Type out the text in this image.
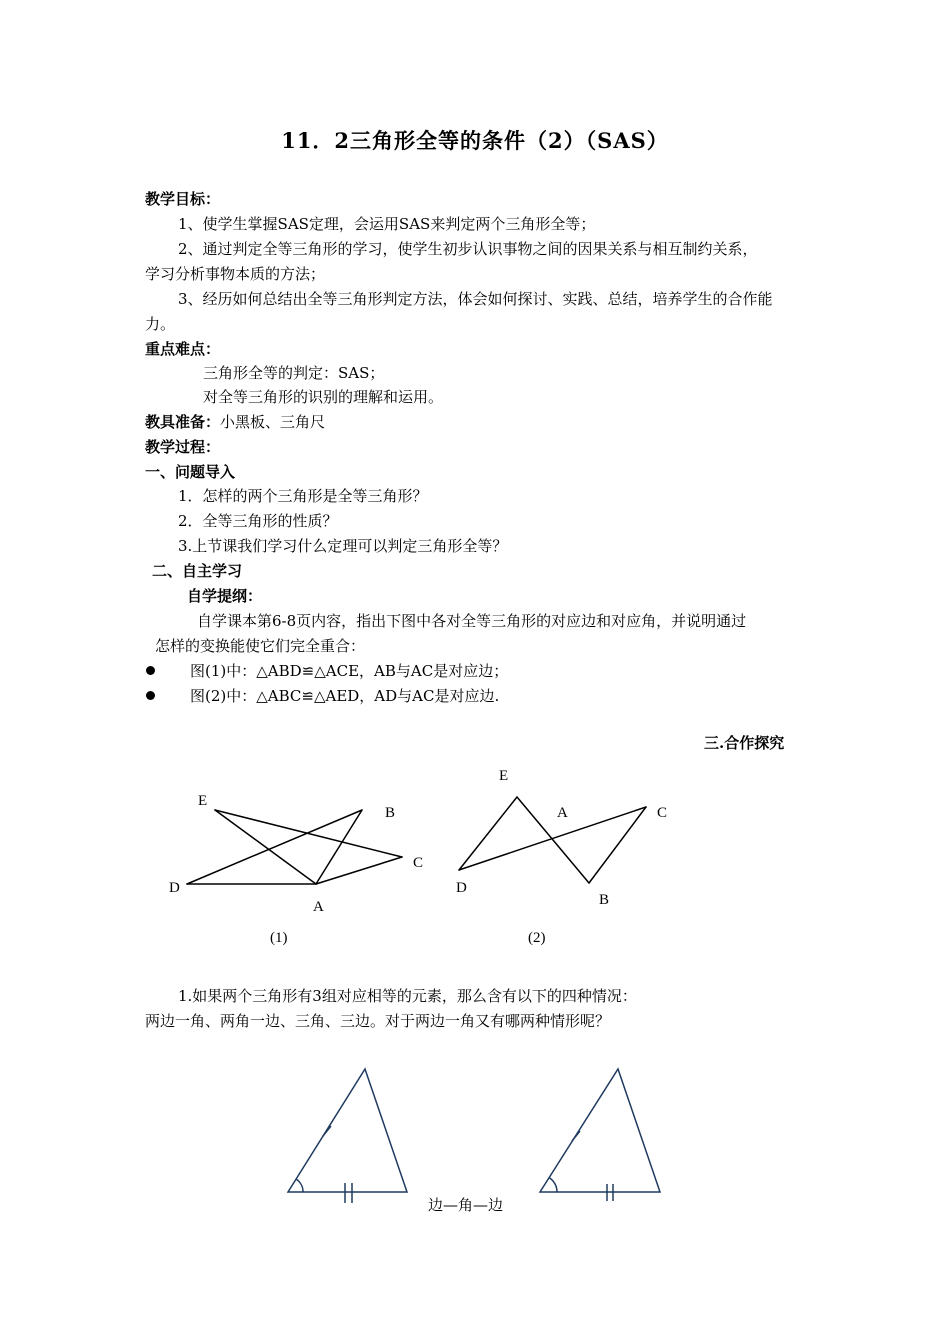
11．2三角形全等的条件（2）（SAS）
教学目标：
1、使学生掌握SAS定理，会运用SAS来判定两个三角形全等；
2、通过判定全等三角形的学习，使学生初步认识事物之间的因果关系与相互制约关系，
学习分析事物本质的方法；
3、经历如何总结出全等三角形判定方法，体会如何探讨、实践、总结，培养学生的合作能
力。
重点难点：
三角形全等的判定：SAS；
对全等三角形的识别的理解和运用。
教具准备：小黑板、三角尺
教学过程：
一、问题导入
1．怎样的两个三角形是全等三角形？
2．全等三角形的性质？
3.上节课我们学习什么定理可以判定三角形全等？
二、自主学习
自学提纲：
自学课本第6-8页内容，指出下图中各对全等三角形的对应边和对应角，并说明通过
怎样的变换能使它们完全重合：
图(1)中：△ABD≌△ACE，AB与AC是对应边；
图(2)中：△ABC≌△AED，AD与AC是对应边.
三.合作探究
E
B
C
D
A
(1)
E
A	C
D
B
(2)
1.如果两个三角形有3组对应相等的元素，那么含有以下的四种情况：
两边一角、两角一边、三角、三边。对于两边一角又有哪两种情形呢？
边—角—边
